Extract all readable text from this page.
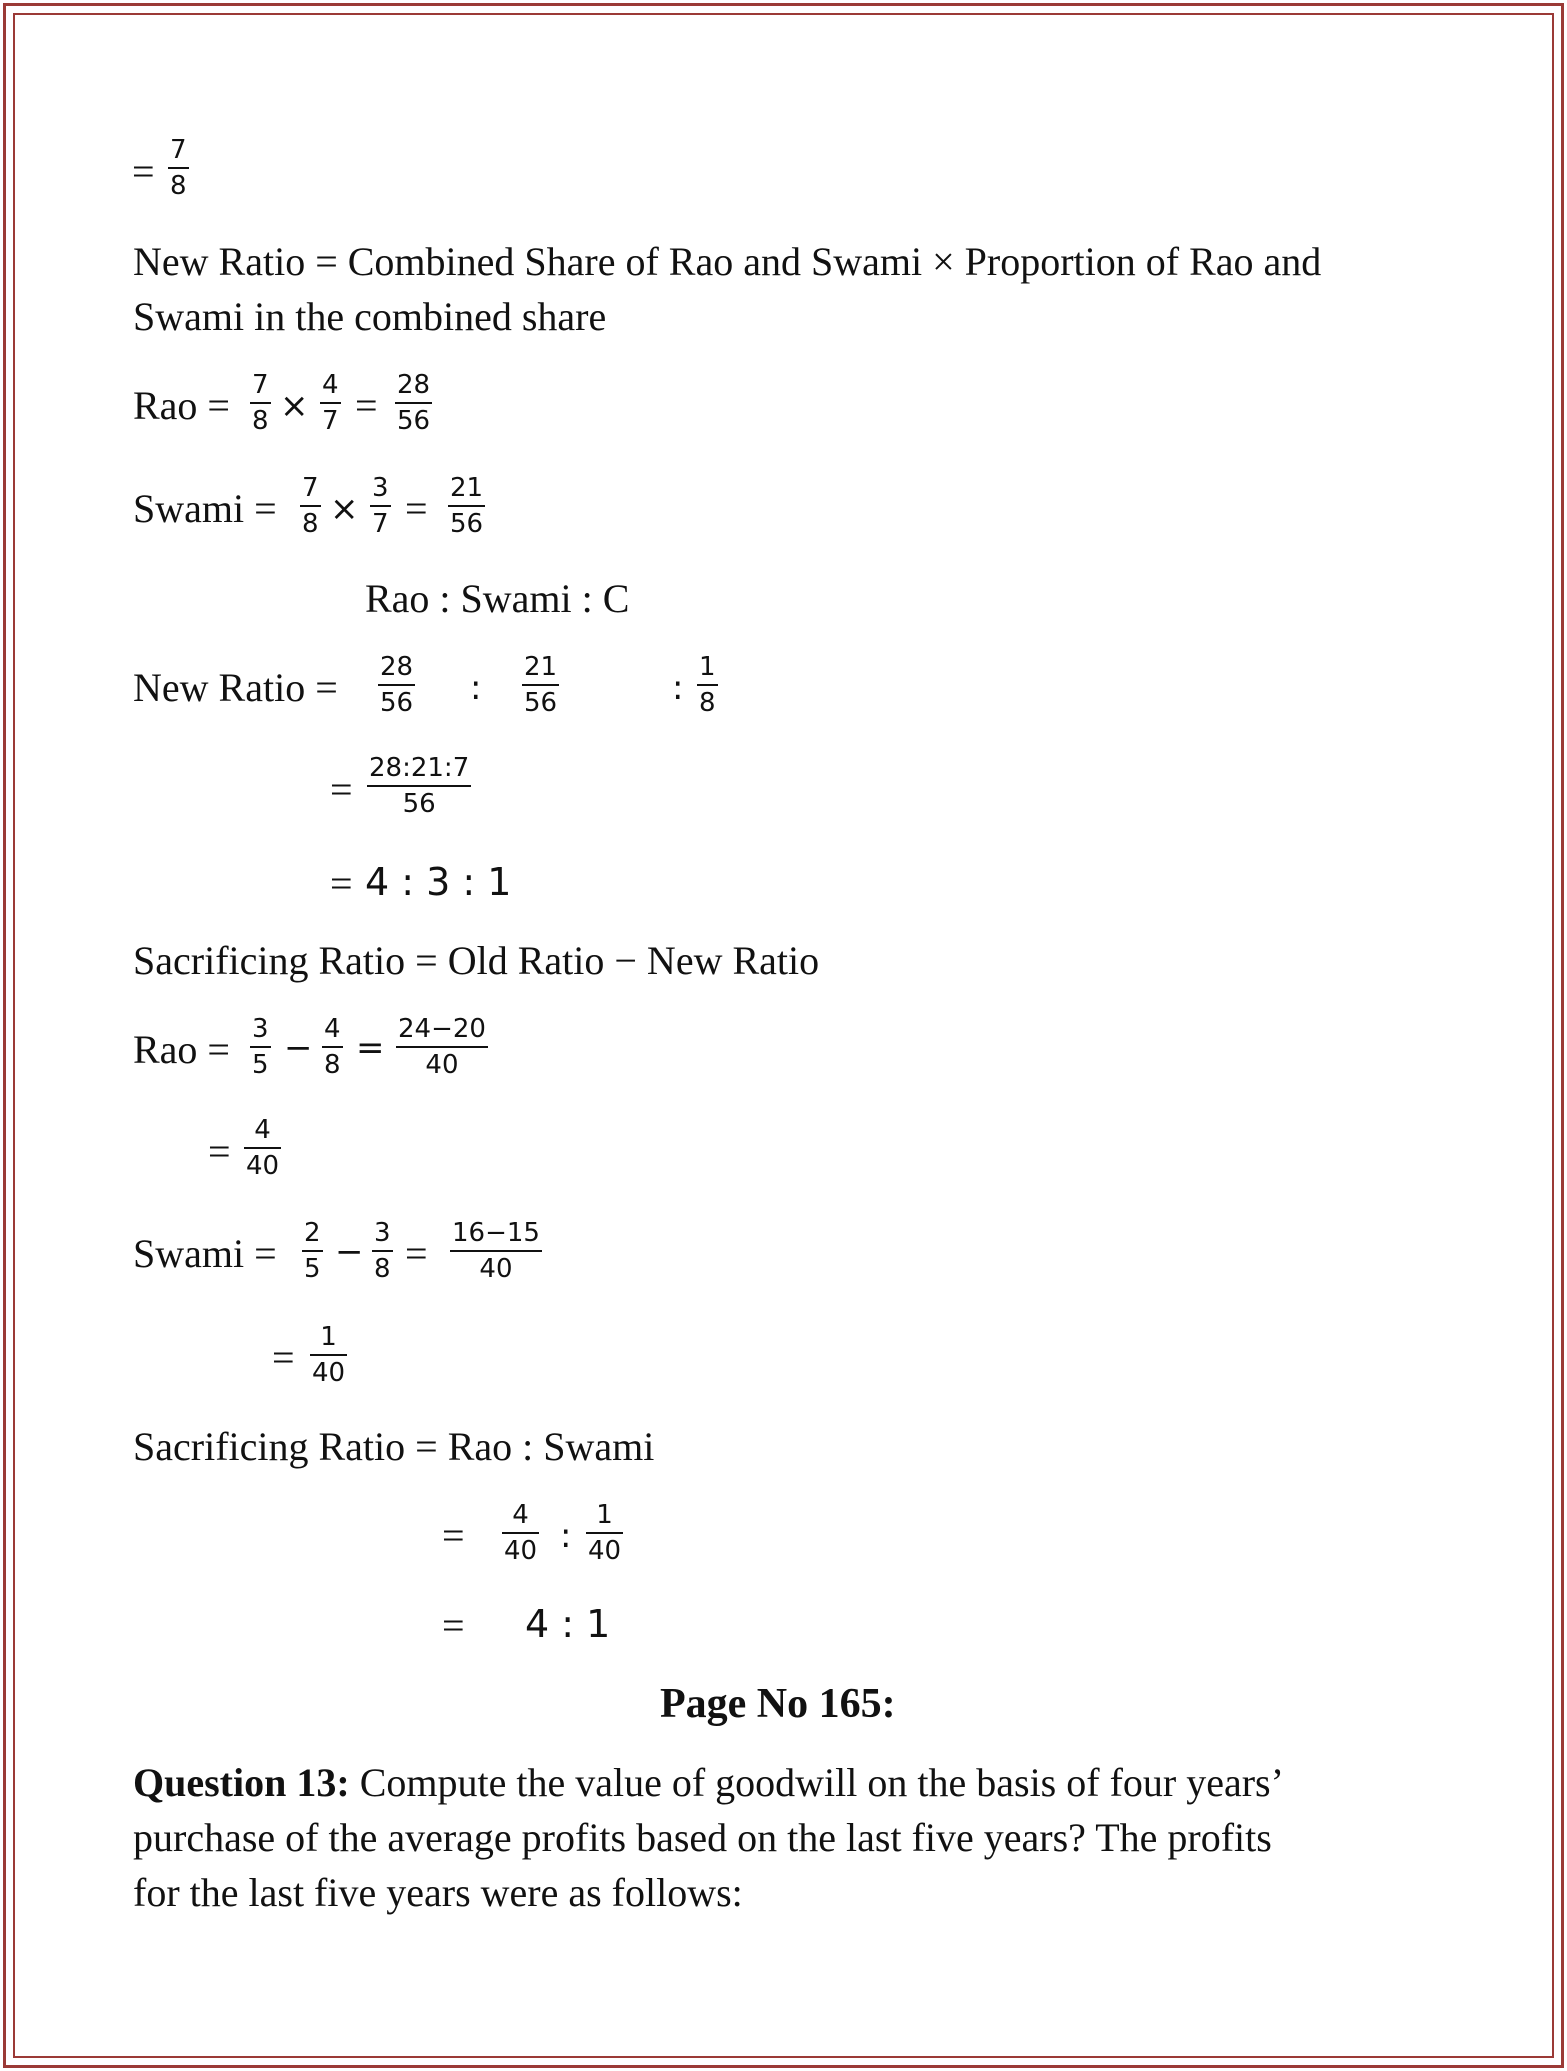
= $\frac{7}{8}$
New Ratio = Combined Share of Rao and Swami × Proportion of Rao and
Swami in the combined share
Rao = $\frac{7}{8} \times \frac{4}{7} = \frac{28}{56}$
Swami = $\frac{7}{8} \times \frac{3}{7} = \frac{21}{56}$
Rao : Swami : C
New Ratio = $\frac{28}{56}$ : $\frac{21}{56}$	: $\frac{1}{8}$
= $\frac{28:21:7}{56}$
= 4 : 3 : 1
Sacrificing Ratio = Old Ratio − New Ratio
Rao = $\frac{3}{5} - \frac{4}{8} = \frac{24-20}{40}$
= $\frac{4}{40}$
Swami = $\frac{2}{5} - \frac{3}{8} = \frac{16-15}{40}$
= $\frac{1}{40}$
Sacrificing Ratio = Rao : Swami
= $\frac{4}{40}$ : $\frac{1}{40}$
= 4 : 1
Page No 165:
Question 13: Compute the value of goodwill on the basis of four years’
purchase of the average profits based on the last five years? The profits
for the last five years were as follows:
